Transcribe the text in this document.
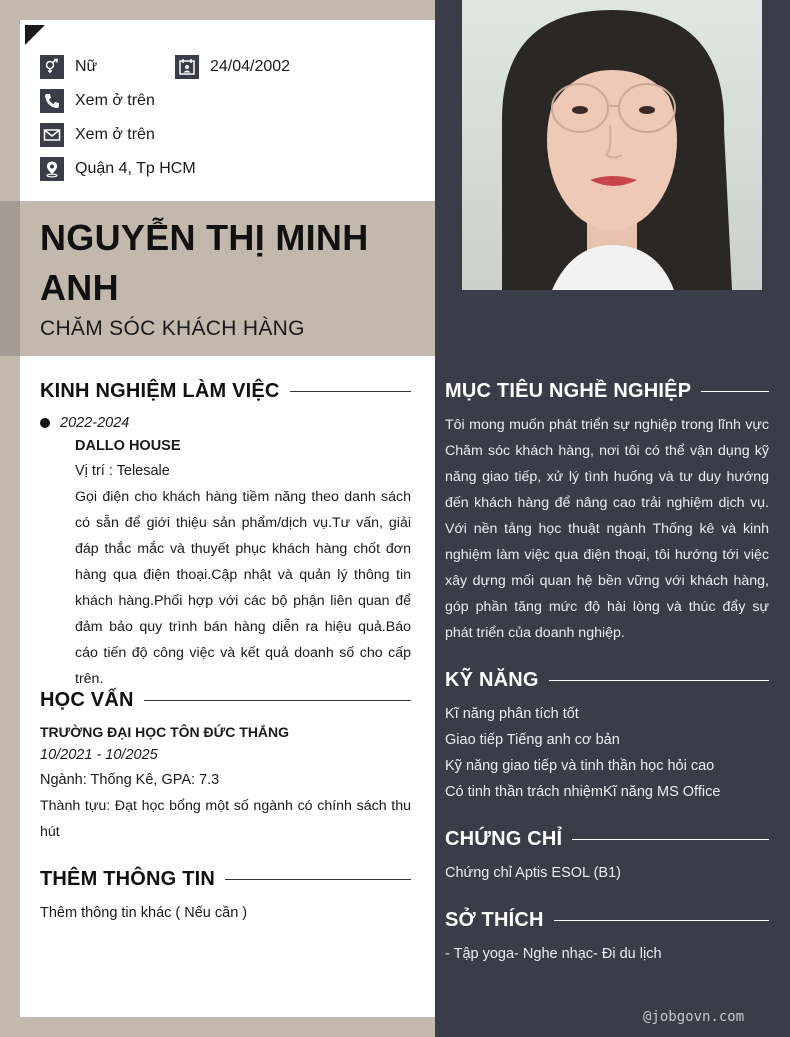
Nữ	24/04/2002
Xem ở trên
Xem ở trên
Quận 4, Tp HCM
NGUYỄN THỊ MINH
ANH
CHĂM SÓC KHÁCH HÀNG
KINH NGHIỆM LÀM VIỆC
2022-2024
DALLO HOUSE
Vị trí : Telesale
Gọi điện cho khách hàng tiềm năng theo danh sách có sẵn để giới thiệu sản phẩm/dịch vụ.Tư vấn, giải đáp thắc mắc và thuyết phục khách hàng chốt đơn hàng qua điện thoại.Cập nhật và quản lý thông tin khách hàng.Phối hợp với các bộ phận liên quan để đảm bảo quy trình bán hàng diễn ra hiệu quả.Báo cáo tiến độ công việc và kết quả doanh số cho cấp trên.
HỌC VẤN
TRƯỜNG ĐẠI HỌC TÔN ĐỨC THẮNG
10/2021 - 10/2025
Ngành: Thống Kê, GPA: 7.3
Thành tựu: Đạt học bổng một số ngành có chính sách thu hút
THÊM THÔNG TIN
Thêm thông tin khác ( Nếu cần )
MỤC TIÊU NGHỀ NGHIỆP
Tôi mong muốn phát triển sự nghiệp trong lĩnh vực Chăm sóc khách hàng, nơi tôi có thể vận dụng kỹ năng giao tiếp, xử lý tình huống và tư duy hướng đến khách hàng để nâng cao trải nghiệm dịch vụ. Với nền tảng học thuật ngành Thống kê và kinh nghiệm làm việc qua điện thoại, tôi hướng tới việc xây dựng mối quan hệ bền vững với khách hàng, góp phần tăng mức độ hài lòng và thúc đẩy sự phát triển của doanh nghiệp.
KỸ NĂNG
Kĩ năng phân tích tốt
Giao tiếp Tiếng anh cơ bản
Kỹ năng giao tiếp và tinh thần học hỏi cao
Có tinh thần trách nhiệmKĩ năng MS Office
CHỨNG CHỈ
Chứng chỉ Aptis ESOL (B1)
SỞ THÍCH
- Tập yoga- Nghe nhạc- Đi du lịch
@jobgovn.com
